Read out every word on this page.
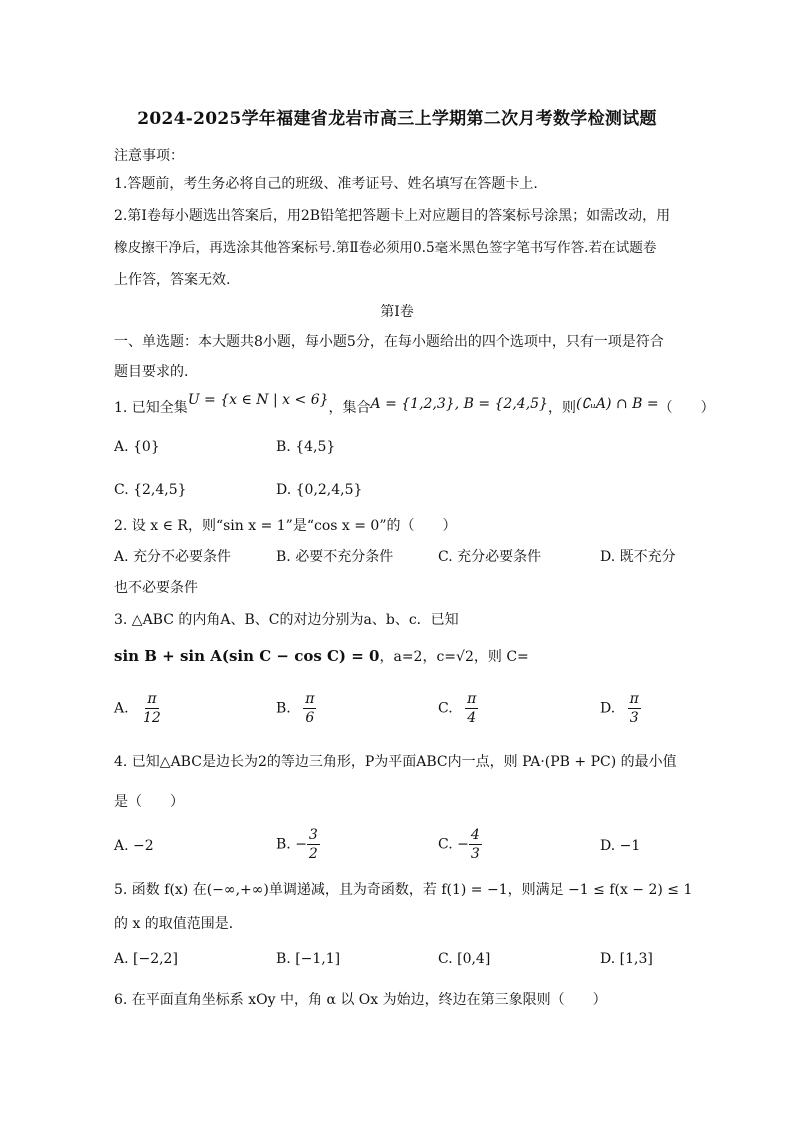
2024-2025学年福建省龙岩市高三上学期第二次月考数学检测试题
注意事项：
1.答题前，考生务必将自己的班级、准考证号、姓名填写在答题卡上.
2.第Ⅰ卷每小题选出答案后，用2B铅笔把答题卡上对应题目的答案标号涂黑；如需改动，用
橡皮擦干净后，再选涂其他答案标号.第Ⅱ卷必须用0.5毫米黑色签字笔书写作答.若在试题卷
上作答，答案无效.
第Ⅰ卷
一、单选题：本大题共8小题，每小题5分，在每小题给出的四个选项中，只有一项是符合
题目要求的.
1. 已知全集U = {x ∈ N | x < 6}，集合A = {1,2,3}, B = {2,4,5}，则(∁ᵤA) ∩ B =（　　）
A. {0}	B. {4,5}
C. {2,4,5}	D. {0,2,4,5}
2. 设 x ∈ R，则“sin x = 1”是“cos x = 0”的（　　）
A. 充分不必要条件	B. 必要不充分条件	C. 充分必要条件	D. 既不充分
也不必要条件
3. △ABC 的内角A、B、C的对边分别为a、b、c．已知
sin B + sin A(sin C − cos C) = 0，a=2，c=√2，则 C=
A. $\frac{\pi}{12}$	B. $\frac{\pi}{6}$	C. $\frac{\pi}{4}$	D. $\frac{\pi}{3}$
4. 已知△ABC是边长为2的等边三角形，P为平面ABC内一点，则 PA·(PB + PC) 的最小值
是（　　）
A. −2	B. − $\frac{3}{2}$	C. − $\frac{4}{3}$	D. −1
5. 函数 f(x) 在(−∞,+∞)单调递减，且为奇函数，若 f(1) = −1，则满足 −1 ≤ f(x − 2) ≤ 1
的 x 的取值范围是．
A. [−2,2]	B. [−1,1]	C. [0,4]	D. [1,3]
6. 在平面直角坐标系 xOy 中，角 α 以 Ox 为始边，终边在第三象限则（　　）
